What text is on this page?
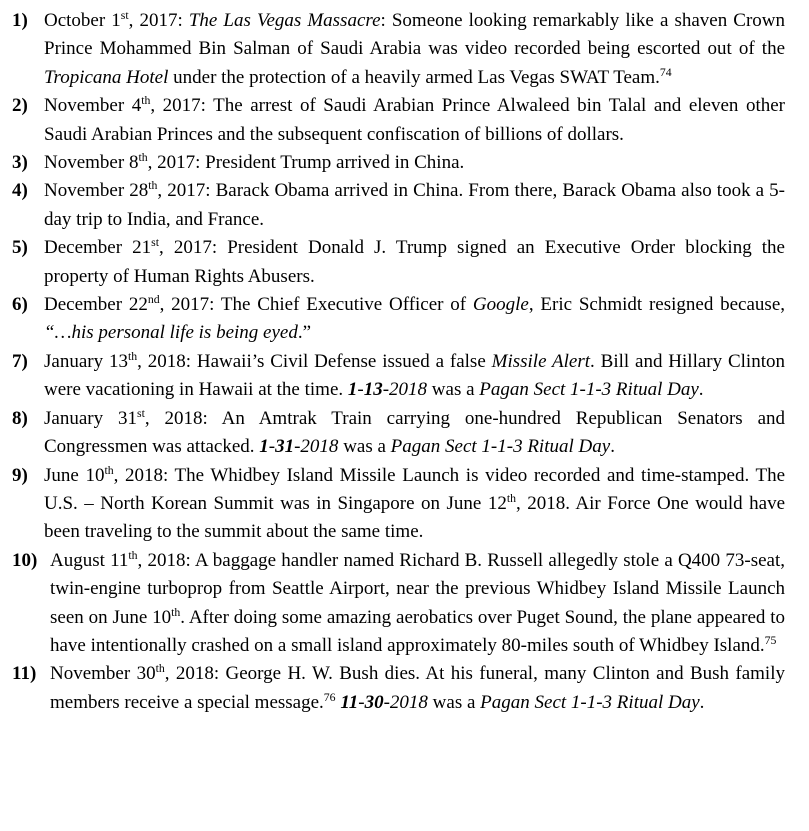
1) October 1st, 2017: The Las Vegas Massacre: Someone looking remarkably like a shaven Crown Prince Mohammed Bin Salman of Saudi Arabia was video recorded being escorted out of the Tropicana Hotel under the protection of a heavily armed Las Vegas SWAT Team.$^{74}$
2) November 4th, 2017: The arrest of Saudi Arabian Prince Alwaleed bin Talal and eleven other Saudi Arabian Princes and the subsequent confiscation of billions of dollars.
3) November 8th, 2017: President Trump arrived in China.
4) November 28th, 2017: Barack Obama arrived in China. From there, Barack Obama also took a 5-day trip to India, and France.
5) December 21st, 2017: President Donald J. Trump signed an Executive Order blocking the property of Human Rights Abusers.
6) December 22nd, 2017: The Chief Executive Officer of Google, Eric Schmidt resigned because, “…his personal life is being eyed.”
7) January 13th, 2018: Hawaii’s Civil Defense issued a false Missile Alert. Bill and Hillary Clinton were vacationing in Hawaii at the time. 1-13-2018 was a Pagan Sect 1-1-3 Ritual Day.
8) January 31st, 2018: An Amtrak Train carrying one-hundred Republican Senators and Congressmen was attacked. 1-31-2018 was a Pagan Sect 1-1-3 Ritual Day.
9) June 10th, 2018: The Whidbey Island Missile Launch is video recorded and time-stamped. The U.S. – North Korean Summit was in Singapore on June 12th, 2018. Air Force One would have been traveling to the summit about the same time.
10) August 11th, 2018: A baggage handler named Richard B. Russell allegedly stole a Q400 73-seat, twin-engine turboprop from Seattle Airport, near the previous Whidbey Island Missile Launch seen on June 10th. After doing some amazing aerobatics over Puget Sound, the plane appeared to have intentionally crashed on a small island approximately 80-miles south of Whidbey Island.$^{75}$
11) November 30th, 2018: George H. W. Bush dies. At his funeral, many Clinton and Bush family members receive a special message.$^{76}$ 11-30-2018 was a Pagan Sect 1-1-3 Ritual Day.
